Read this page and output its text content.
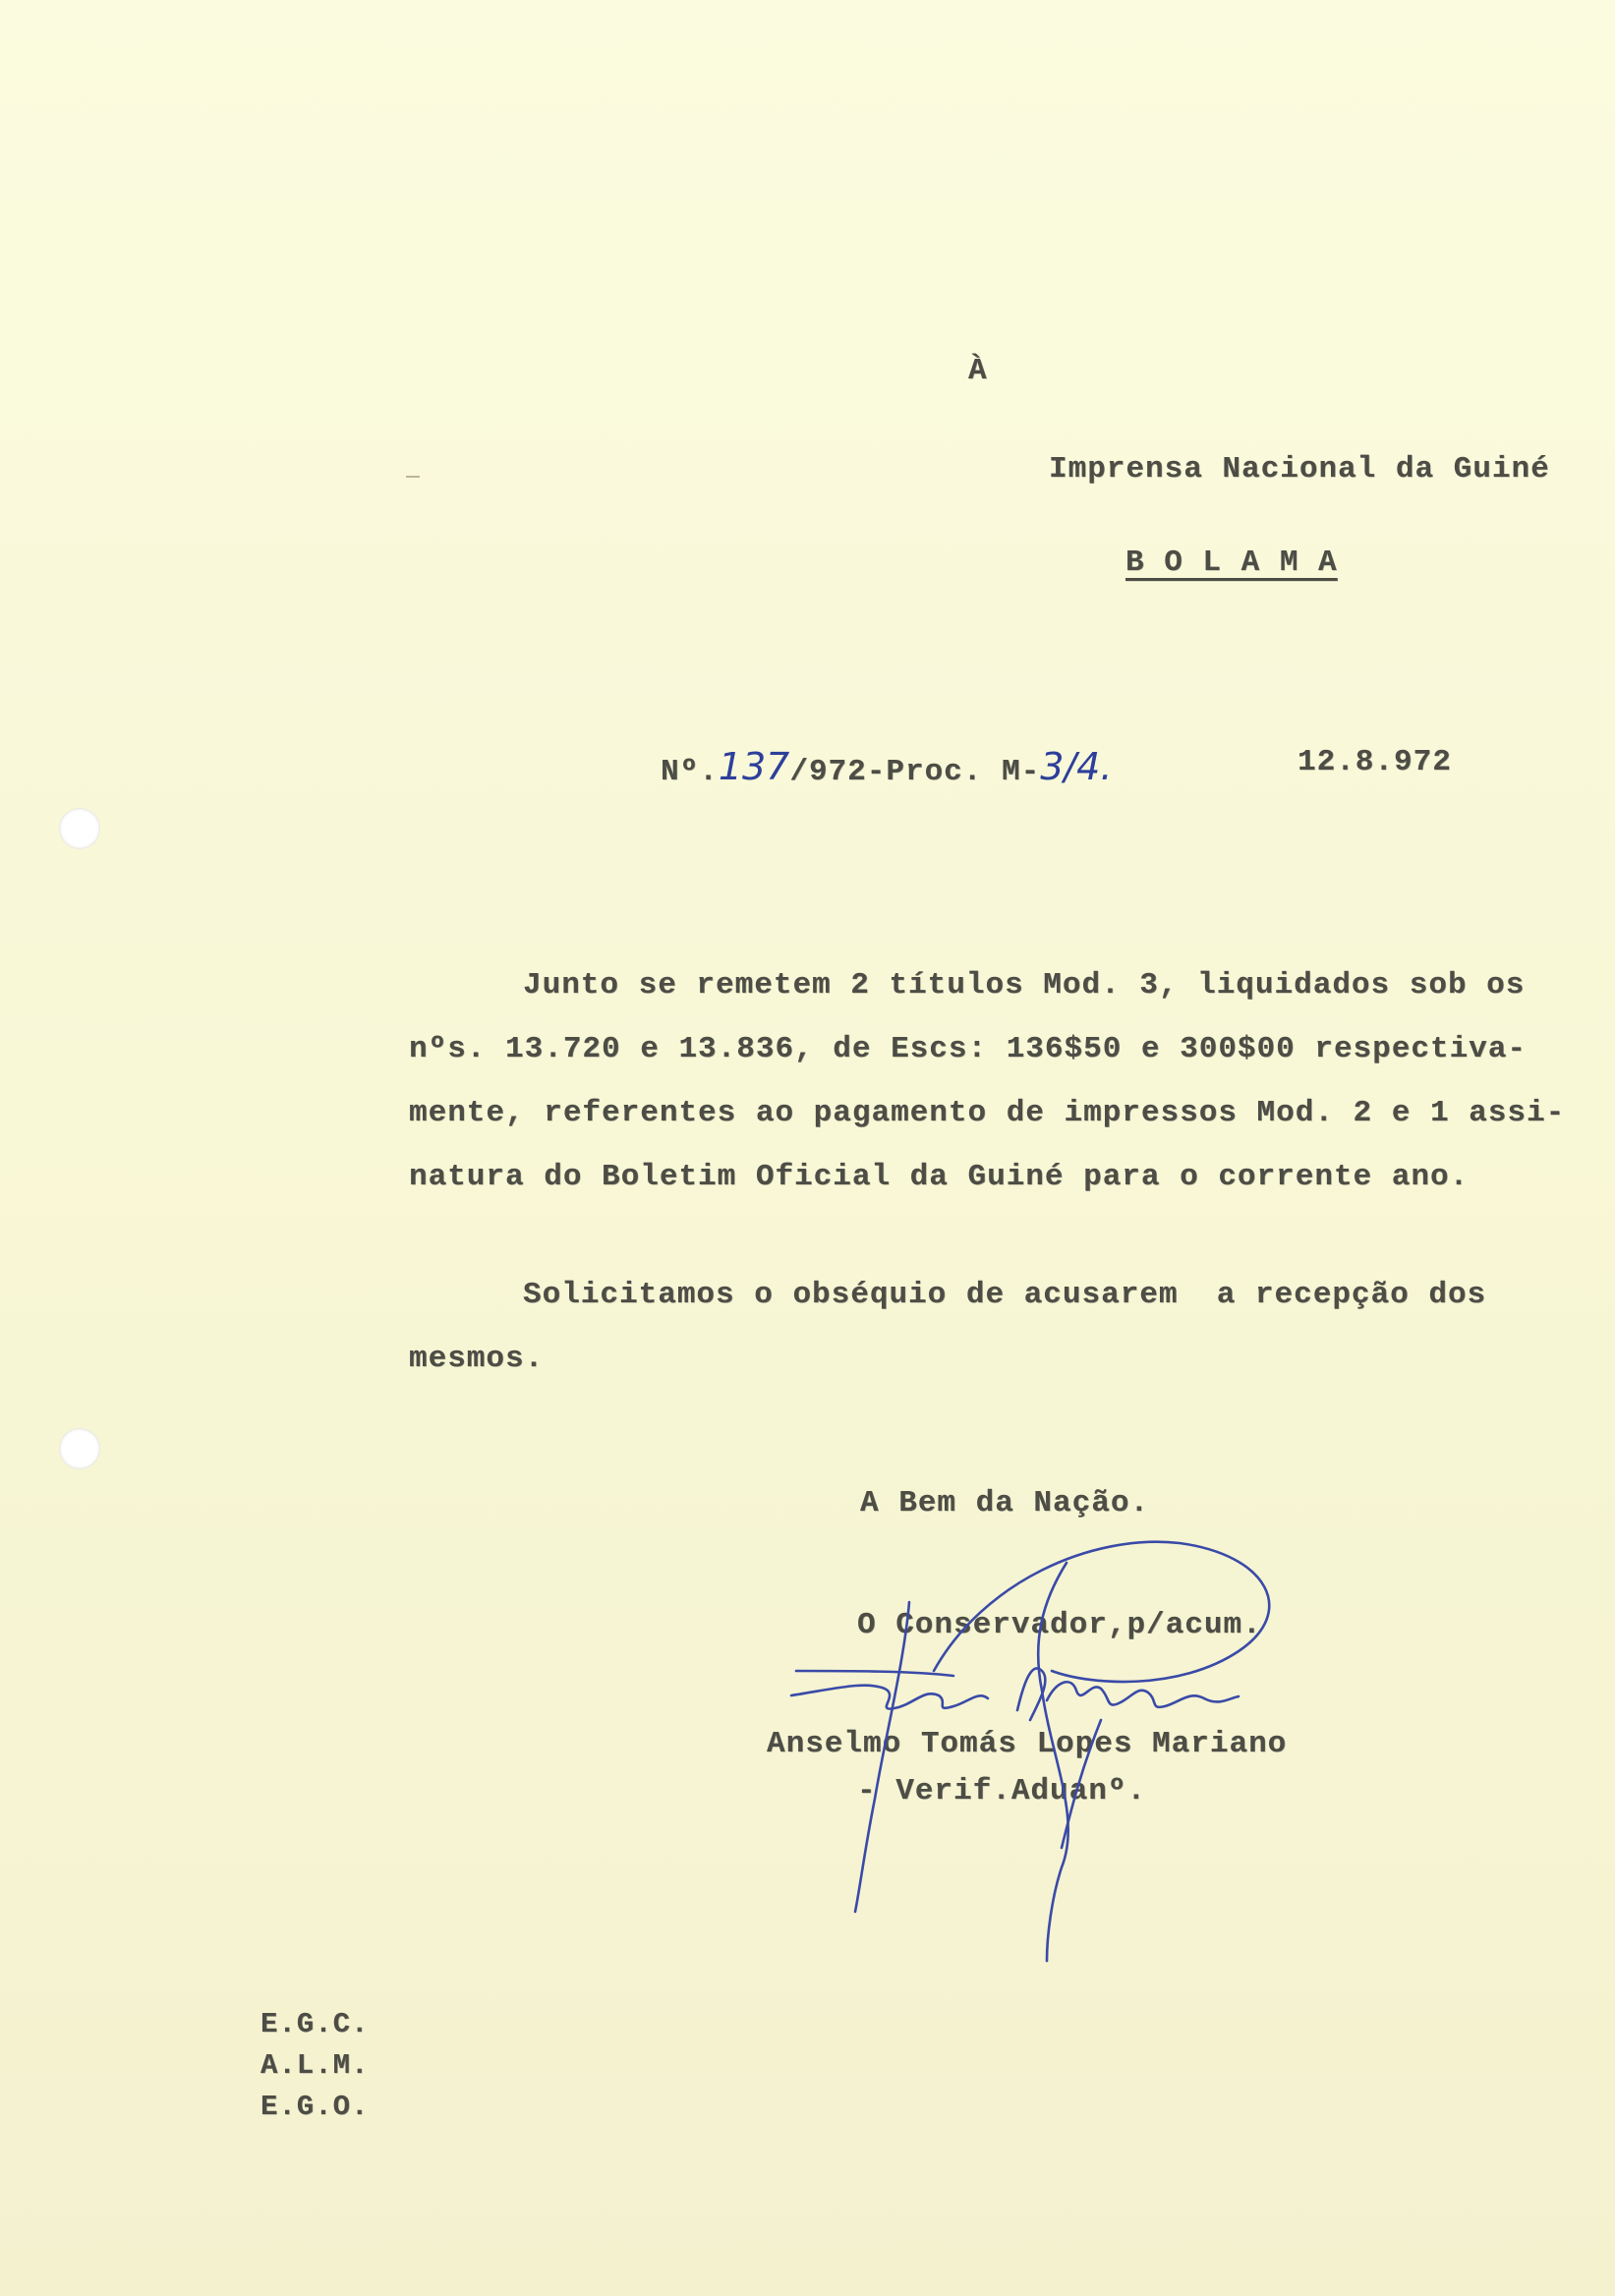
À
Imprensa Nacional da Guiné
B O L A M A
Nº.137/972-Proc. M-3/4.	12.8.972
Junto se remetem 2 títulos Mod. 3, liquidados sob os
nºs. 13.720 e 13.836, de Escs: 136$50 e 300$00 respectiva-
mente, referentes ao pagamento de impressos Mod. 2 e 1 assi-
natura do Boletim Oficial da Guiné para o corrente ano.
Solicitamos o obséquio de acusarem  a recepção dos
mesmos.
A Bem da Nação.
O Conservador,p/acum.
Anselmo Tomás Lopes Mariano
- Verif.Aduanº.
E.G.C.
A.L.M.
E.G.O.
